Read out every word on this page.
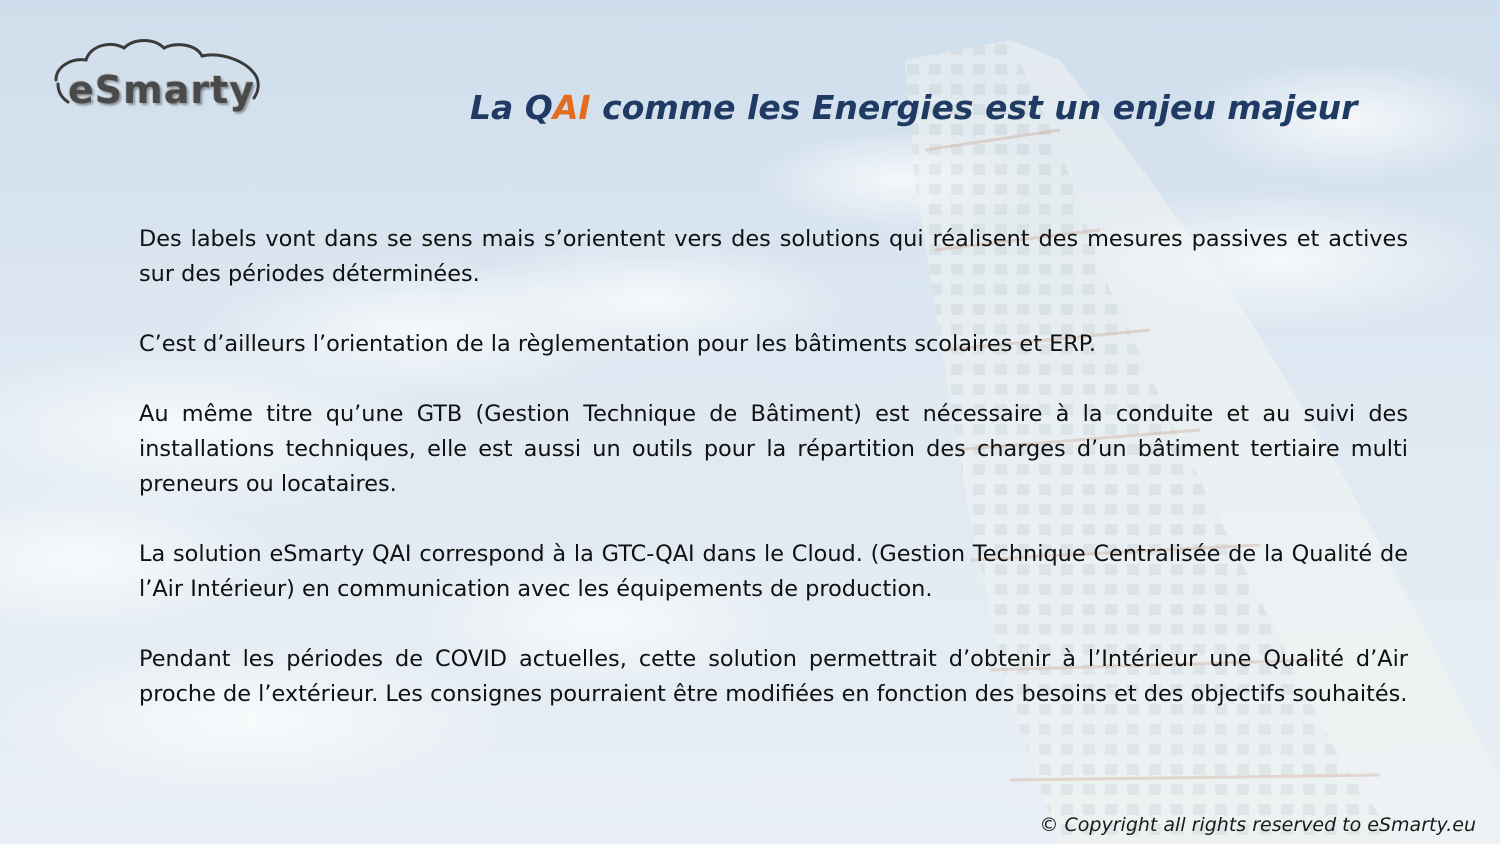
eSmarty	La QAI comme les Energies est un enjeu majeur

Des labels vont dans se sens mais s’orientent vers des solutions qui réalisent des mesures passives et actives sur des périodes déterminées.

C’est d’ailleurs l’orientation de la règlementation pour les bâtiments scolaires et ERP.

Au même titre qu’une GTB (Gestion Technique de Bâtiment) est nécessaire à la conduite et au suivi des installations techniques, elle est aussi un outils pour la répartition des charges d’un bâtiment tertiaire multi preneurs ou locataires.

La solution eSmarty QAI correspond à la GTC-QAI dans le Cloud. (Gestion Technique Centralisée de la Qualité de l’Air Intérieur) en communication avec les équipements de production.

Pendant les périodes de COVID actuelles, cette solution permettrait d’obtenir à l’Intérieur une Qualité d’Air proche de l’extérieur. Les consignes pourraient être modifiées en fonction des besoins et des objectifs souhaités.

© Copyright all rights reserved to eSmarty.eu
